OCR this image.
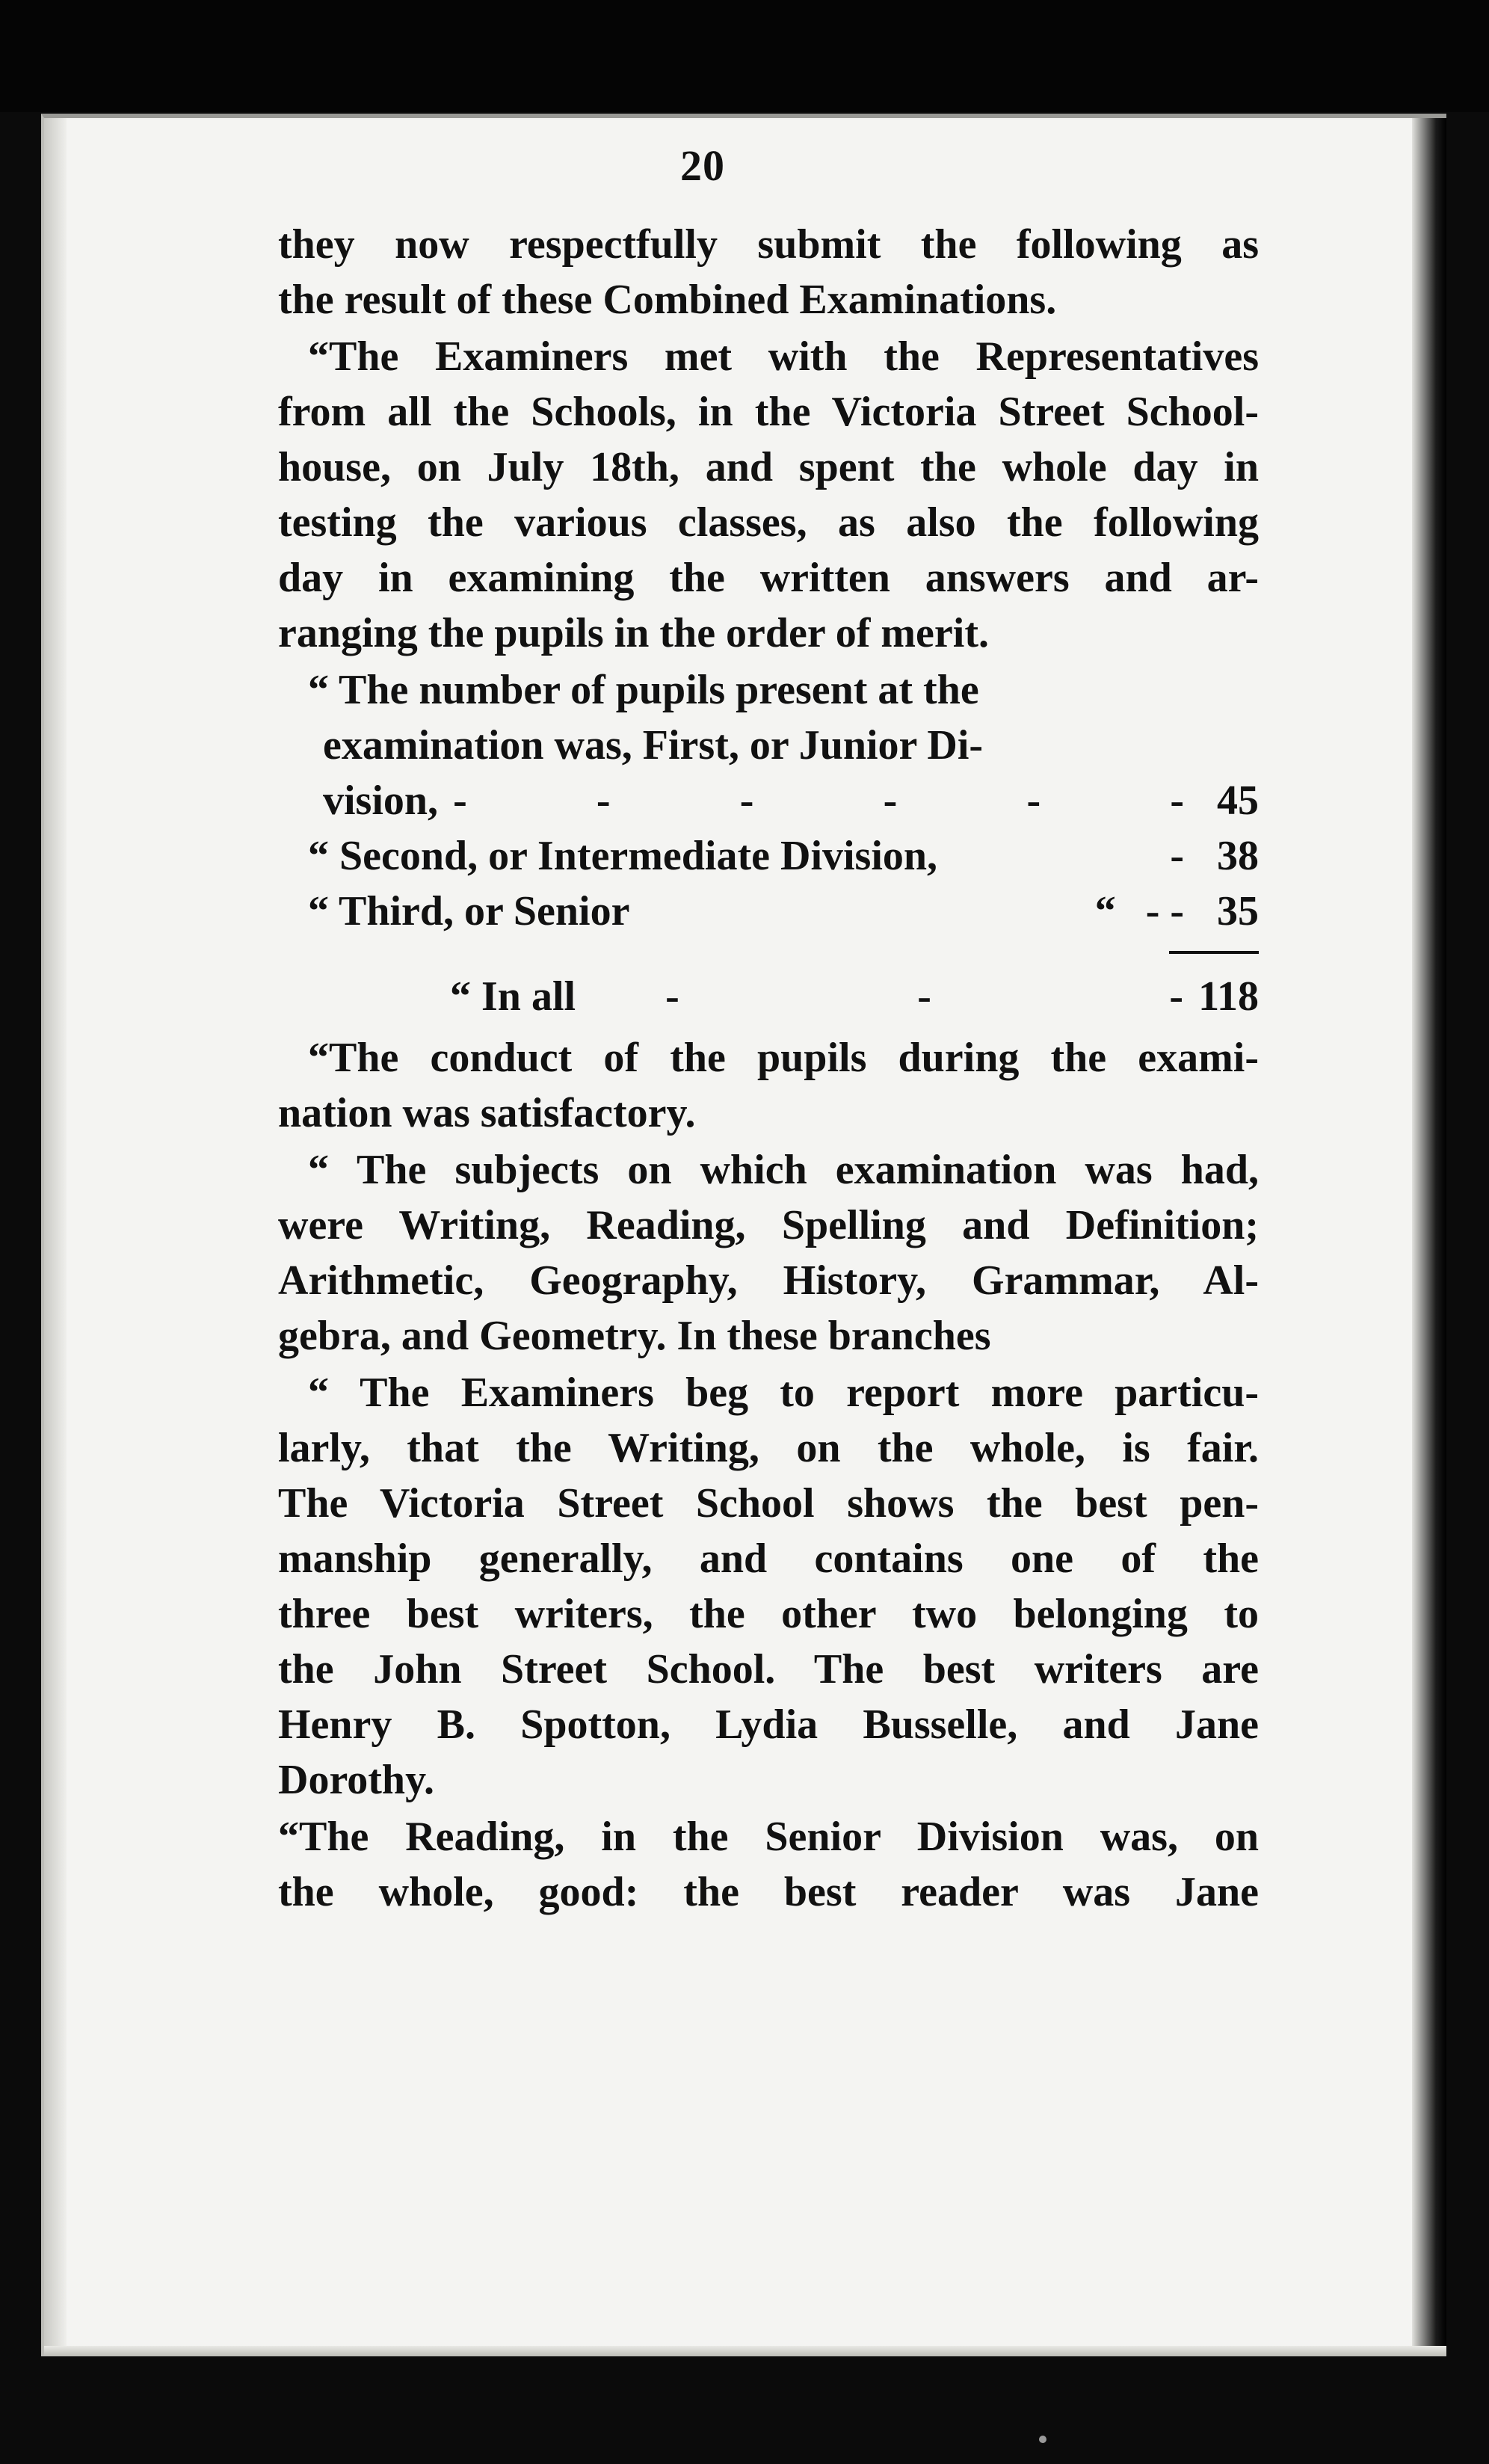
20
they now respectfully submit the following as
the result of these Combined Examinations.
“The Examiners met with the Representatives
from all the Schools, in the Victoria Street School-
house, on July 18th, and spent the whole day in
testing the various classes, as also the following
day in examining the written answers and ar-
ranging the pupils in the order of merit.
“ The number of pupils present at the
examination was, First, or Junior Di-
vision, - - - - - - 45
“ Second, or Intermediate Division,	- 38
“ Third, or Senior	“ - - 35
“ In all	- - - 118
“The conduct of the pupils during the exami-
nation was satisfactory.
“ The subjects on which examination was had,
were Writing, Reading, Spelling and Definition;
Arithmetic, Geography, History, Grammar, Al-
gebra, and Geometry. In these branches
“ The Examiners beg to report more particu-
larly, that the Writing, on the whole, is fair.
The Victoria Street School shows the best pen-
manship generally, and contains one of the
three best writers, the other two belonging to
the John Street School. The best writers are
Henry B. Spotton, Lydia Busselle, and Jane
Dorothy.
“The Reading, in the Senior Division was, on
the whole, good: the best reader was Jane
